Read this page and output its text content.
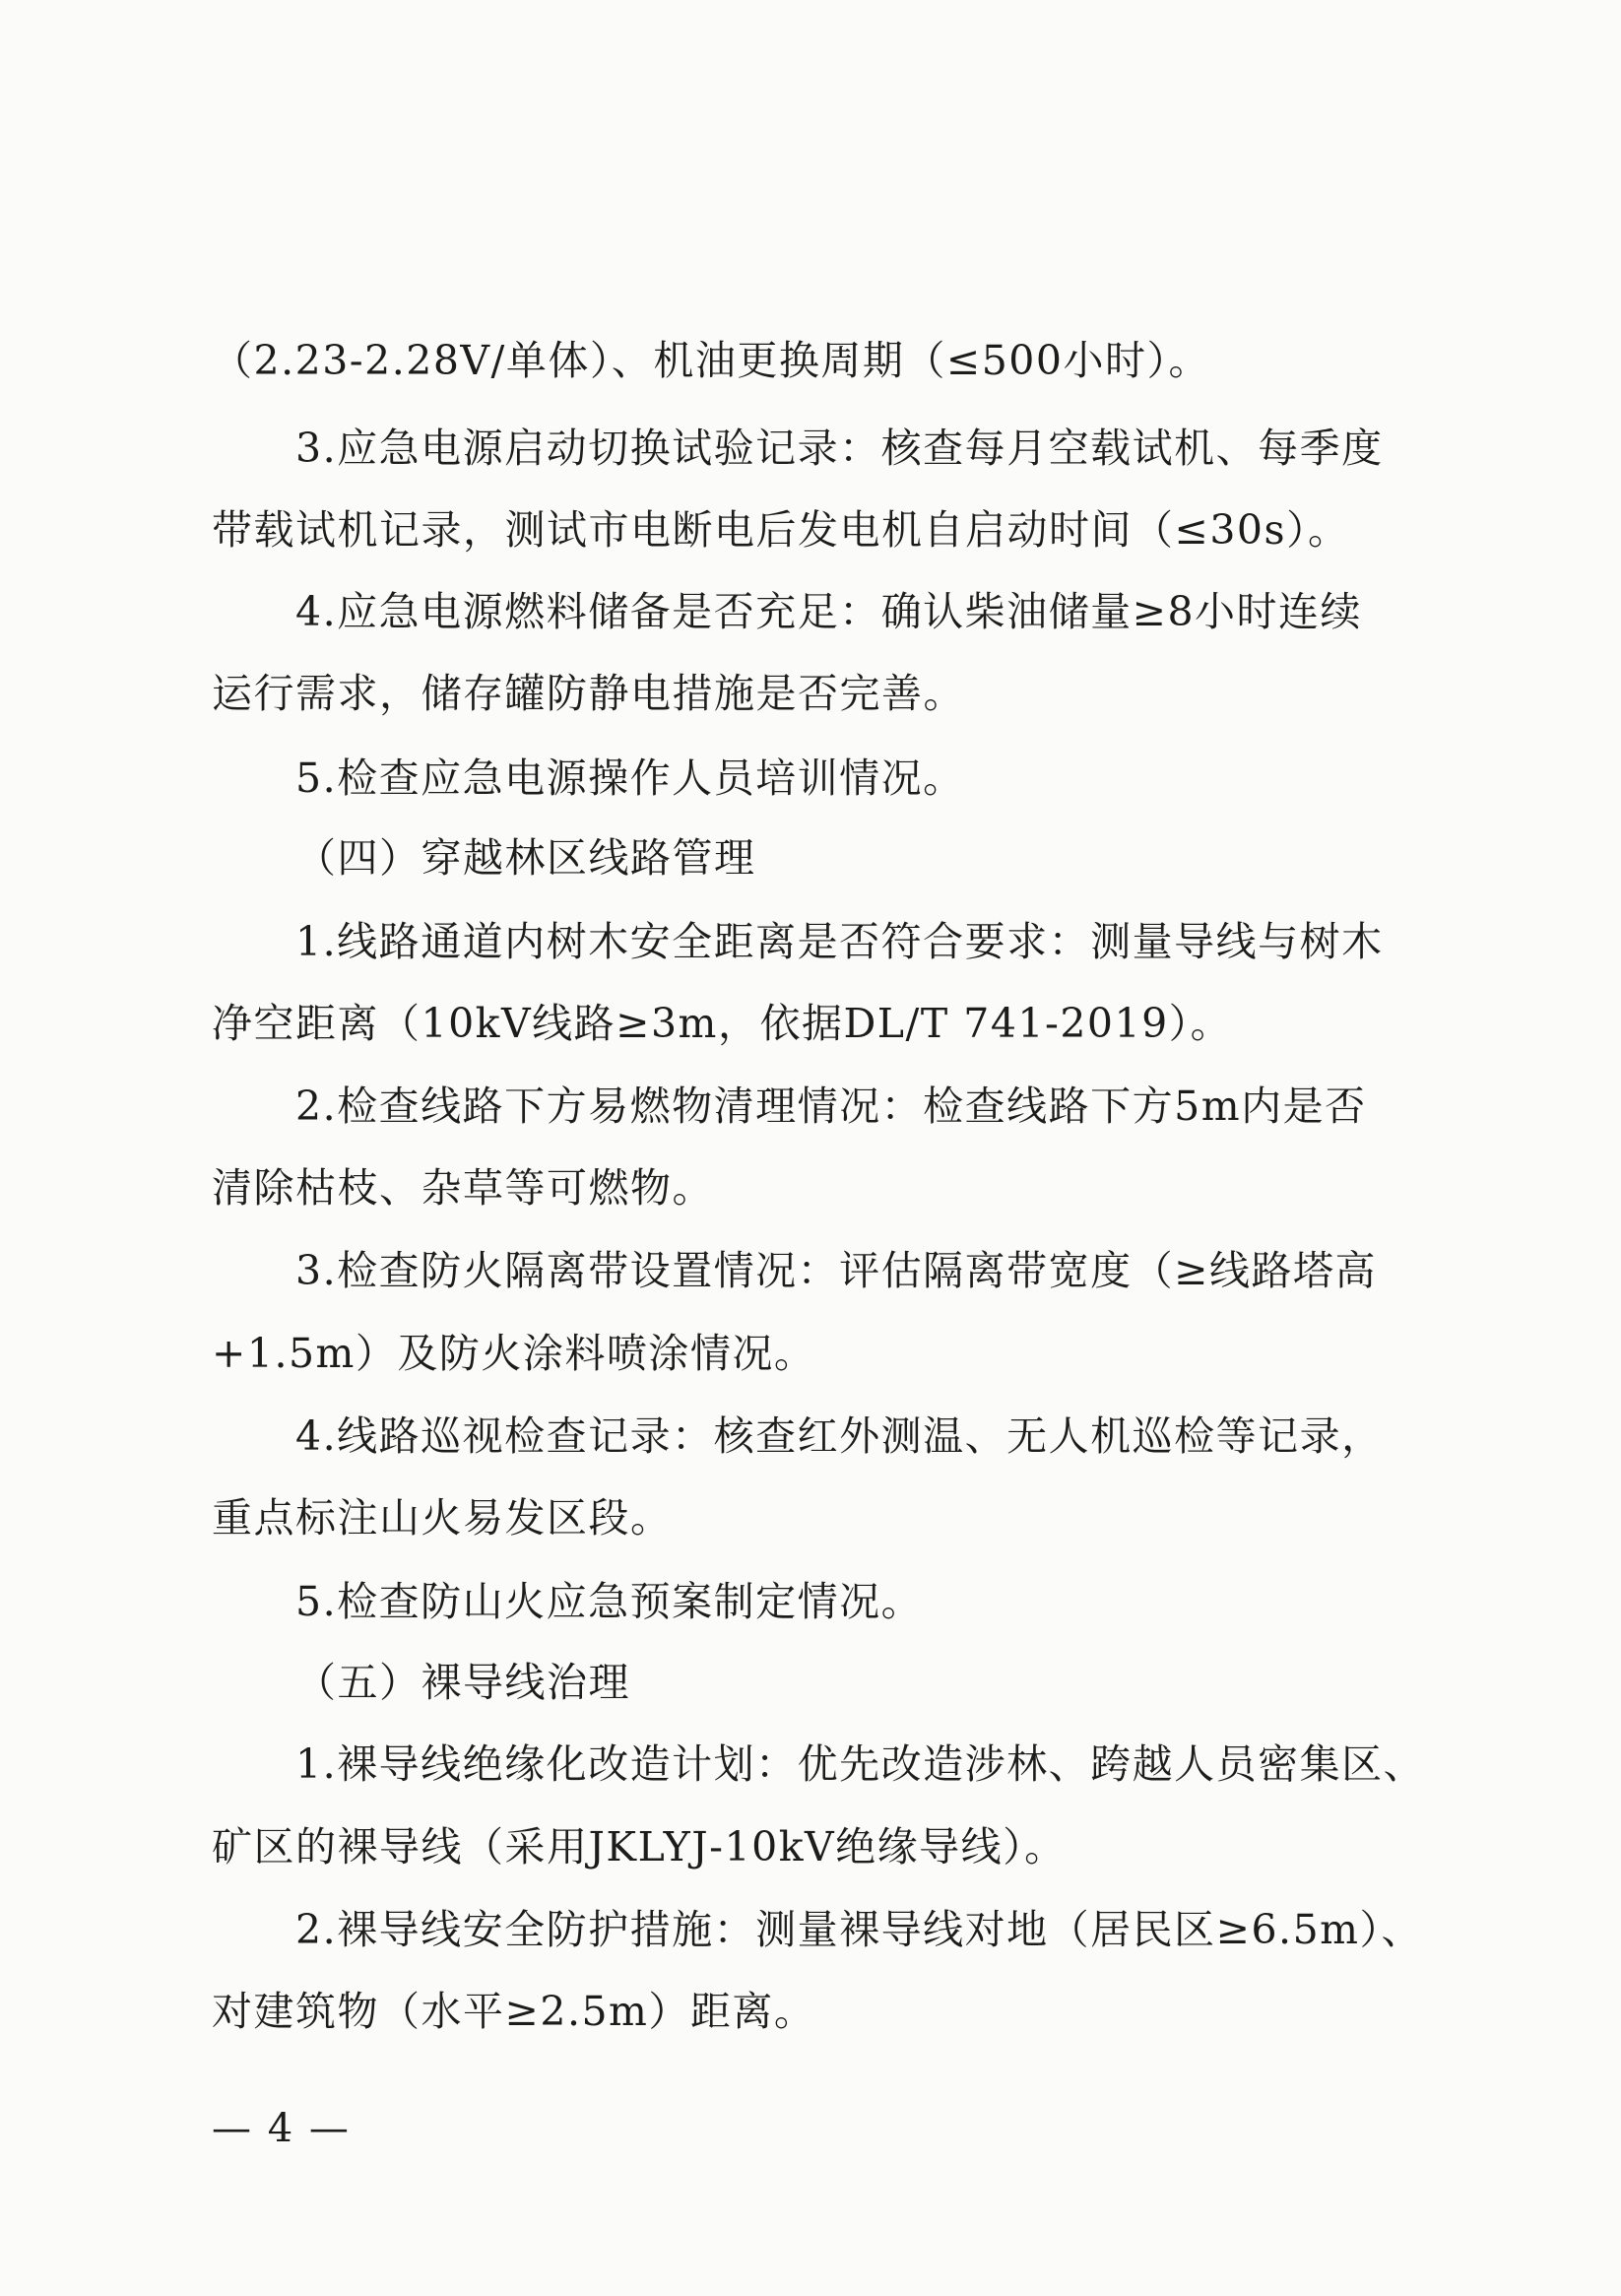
（2.23-2.28V/单体）、机油更换周期（≤500小时）。
3.应急电源启动切换试验记录：核查每月空载试机、每季度
带载试机记录，测试市电断电后发电机自启动时间（≤30s）。
4.应急电源燃料储备是否充足：确认柴油储量≥8小时连续
运行需求，储存罐防静电措施是否完善。
5.检查应急电源操作人员培训情况。
（四）穿越林区线路管理
1.线路通道内树木安全距离是否符合要求：测量导线与树木
净空距离（10kV线路≥3m，依据DL/T 741-2019）。
2.检查线路下方易燃物清理情况：检查线路下方5m内是否
清除枯枝、杂草等可燃物。
3.检查防火隔离带设置情况：评估隔离带宽度（≥线路塔高
+1.5m）及防火涂料喷涂情况。
4.线路巡视检查记录：核查红外测温、无人机巡检等记录，
重点标注山火易发区段。
5.检查防山火应急预案制定情况。
（五）裸导线治理
1.裸导线绝缘化改造计划：优先改造涉林、跨越人员密集区、
矿区的裸导线（采用JKLYJ-10kV绝缘导线）。
2.裸导线安全防护措施：测量裸导线对地（居民区≥6.5m）、
对建筑物（水平≥2.5m）距离。
— 4 —
